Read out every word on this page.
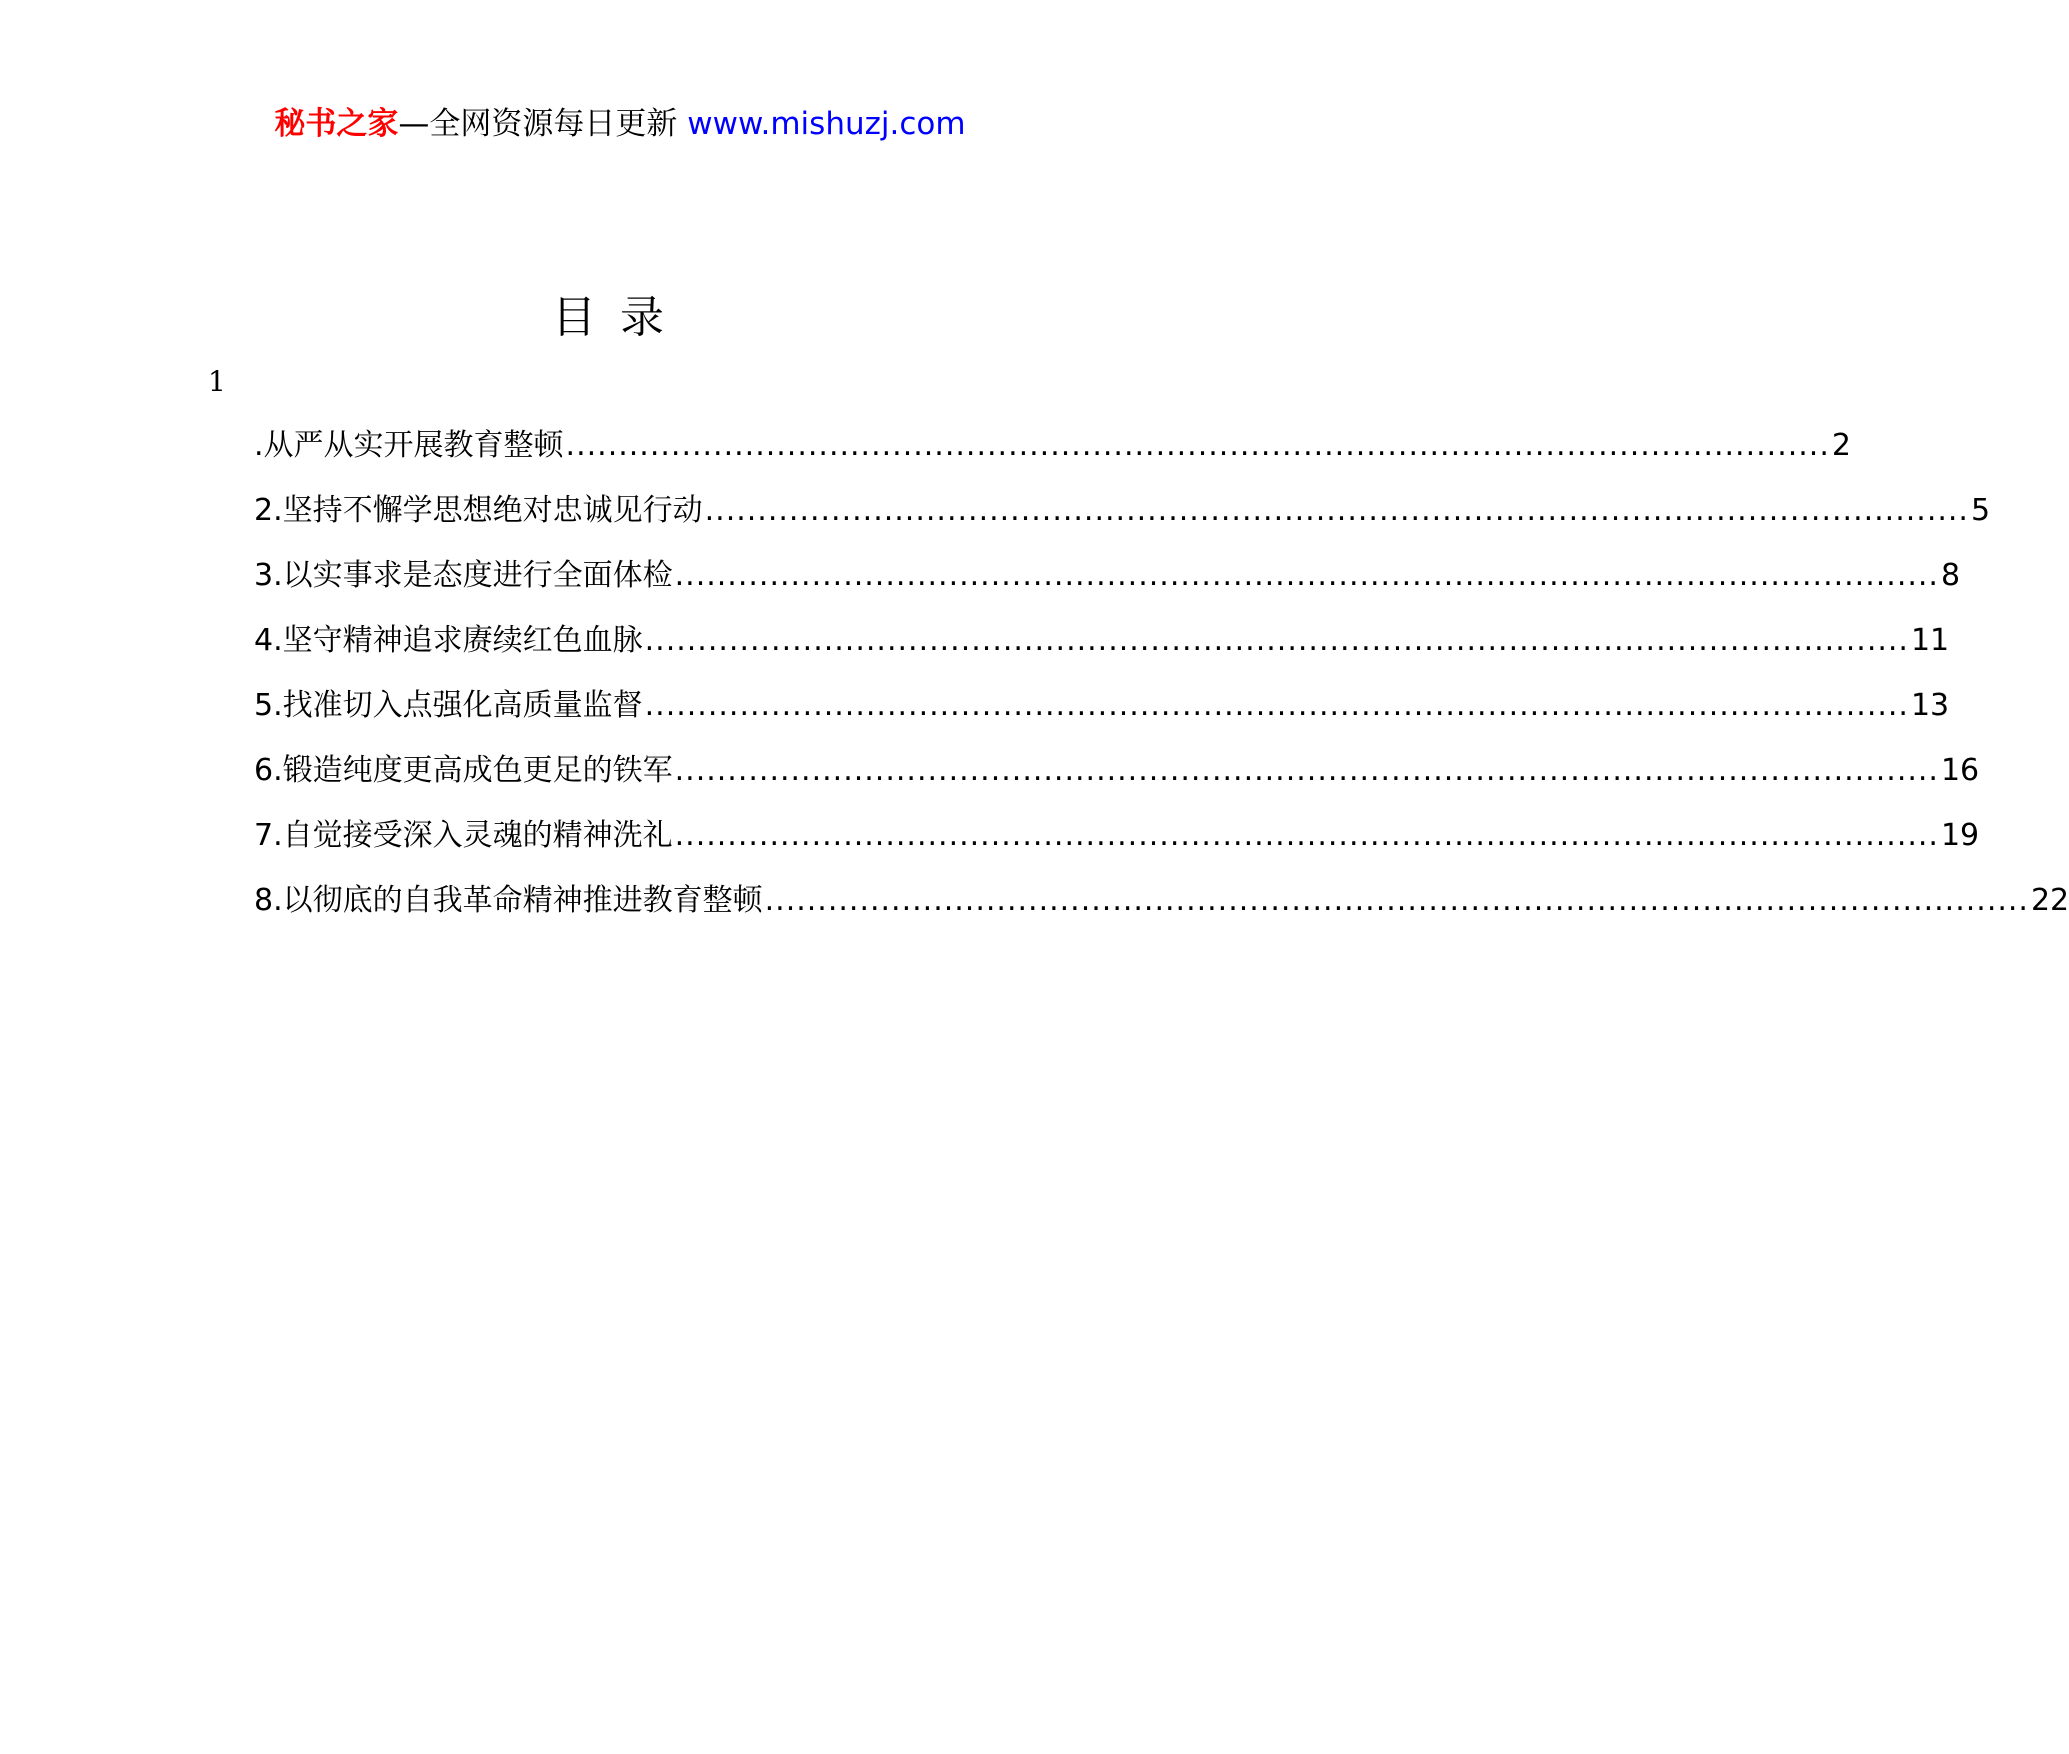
秘书之家—全网资源每日更新 www.mishuzj.com
目录
1
.从严从实开展教育整顿 ........................................................................................................................ 2
2.坚持不懈学思想绝对忠诚见行动 ........................................................................................................................ 5
3.以实事求是态度进行全面体检 ........................................................................................................................ 8
4.坚守精神追求赓续红色血脉 ........................................................................................................................ 11
5.找准切入点强化高质量监督 ........................................................................................................................ 13
6.锻造纯度更高成色更足的铁军 ........................................................................................................................ 16
7.自觉接受深入灵魂的精神洗礼 ........................................................................................................................ 19
8.以彻底的自我革命精神推进教育整顿 ........................................................................................................................ 22
